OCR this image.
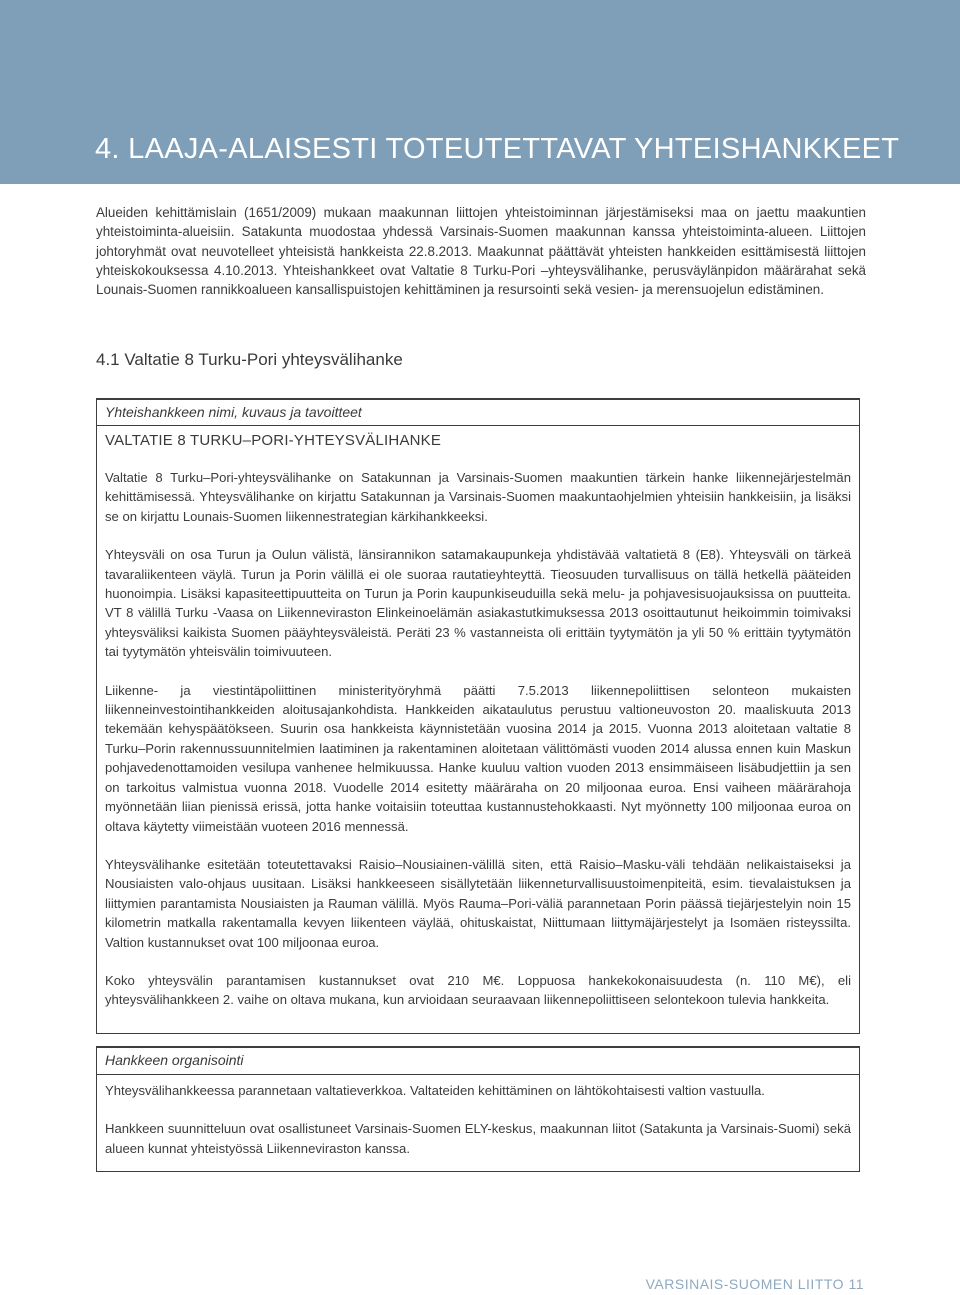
4. LAAJA-ALAISESTI TOTEUTETTAVAT YHTEISHANKKEET

Alueiden kehittämislain (1651/2009) mukaan maakunnan liittojen yhteistoiminnan järjestämiseksi maa on jaettu maakuntien yhteistoiminta-alueisiin. Satakunta muodostaa yhdessä Varsinais-Suomen maakunnan kanssa yhteistoiminta-alueen. Liittojen johtoryhmät ovat neuvotelleet yhteisistä hankkeista 22.8.2013. Maakunnat päättävät yhteisten hankkeiden esittämisestä liittojen yhteiskokouksessa 4.10.2013. Yhteishankkeet ovat Valtatie 8 Turku-Pori –yhteysvälihanke, perusväylänpidon määrärahat sekä Lounais-Suomen rannikkoalueen kansallispuistojen kehittäminen ja resursointi sekä vesien- ja merensuojelun edistäminen.

4.1 Valtatie 8 Turku-Pori yhteysvälihanke
Yhteishankkeen nimi, kuvaus ja tavoitteet
VALTATIE 8 TURKU–PORI-YHTEYSVÄLIHANKE

Valtatie 8 Turku–Pori-yhteysvälihanke on Satakunnan ja Varsinais-Suomen maakuntien tärkein hanke liikennejärjestelmän kehittämisessä. Yhteysvälihanke on kirjattu Satakunnan ja Varsinais-Suomen maakuntaohjelmien yhteisiin hankkeisiin, ja lisäksi se on kirjattu Lounais-Suomen liikennestrategian kärkihankkeeksi.

Yhteysväli on osa Turun ja Oulun välistä, länsirannikon satamakaupunkeja yhdistävää valtatietä 8 (E8). Yhteysväli on tärkeä tavaraliikenteen väylä. Turun ja Porin välillä ei ole suoraa rautatieyhteyttä. Tieosuuden turvallisuus on tällä hetkellä pääteiden huonoimpia. Lisäksi kapasiteettipuutteita on Turun ja Porin kaupunkiseuduilla sekä melu- ja pohjavesisuojauksissa on puutteita. VT 8 välillä Turku -Vaasa on Liikenneviraston Elinkeinoelämän asiakastutkimuksessa 2013 osoittautunut heikoimmin toimivaksi yhteysväliksi kaikista Suomen pääyhteysväleistä. Peräti 23 % vastanneista oli erittäin tyytymätön ja yli 50 % erittäin tyytymätön tai tyytymätön yhteisvälin toimivuuteen.

Liikenne- ja viestintäpoliittinen ministerityöryhmä päätti 7.5.2013 liikennepoliittisen selonteon mukaisten liikenneinvestointihankkeiden aloitusajankohdista. Hankkeiden aikataulutus perustuu valtioneuvoston 20. maaliskuuta 2013 tekemään kehyspäätökseen. Suurin osa hankkeista käynnistetään vuosina 2014 ja 2015. Vuonna 2013 aloitetaan valtatie 8 Turku–Porin rakennussuunnitelmien laatiminen ja rakentaminen aloitetaan välittömästi vuoden 2014 alussa ennen kuin Maskun pohjavedenottamoiden vesilupa vanhenee helmikuussa. Hanke kuuluu valtion vuoden 2013 ensimmäiseen lisäbudjettiin ja sen on tarkoitus valmistua vuonna 2018. Vuodelle 2014 esitetty määräraha on 20 miljoonaa euroa. Ensi vaiheen määrärahoja myönnetään liian pienissä erissä, jotta hanke voitaisiin toteuttaa kustannustehokkaasti. Nyt myönnetty 100 miljoonaa euroa on oltava käytetty viimeistään vuoteen 2016 mennessä.

Yhteysvälihanke esitetään toteutettavaksi Raisio–Nousiainen-välillä siten, että Raisio–Masku-väli tehdään nelikaistaiseksi ja Nousiaisten valo-ohjaus uusitaan. Lisäksi hankkeeseen sisällytetään liikenneturvallisuustoimenpiteitä, esim. tievalaistuksen ja liittymien parantamista Nousiaisten ja Rauman välillä. Myös Rauma–Pori-väliä parannetaan Porin päässä tiejärjestelyin noin 15 kilometrin matkalla rakentamalla kevyen liikenteen väylää, ohituskaistat, Niittumaan liittymäjärjestelyt ja Isomäen risteyssilta. Valtion kustannukset ovat 100 miljoonaa euroa.

Koko yhteysvälin parantamisen kustannukset ovat 210 M€. Loppuosa hankekokonaisuudesta (n. 110 M€), eli yhteysvälihankkeen 2. vaihe on oltava mukana, kun arvioidaan seuraavaan liikennepoliittiseen selontekoon tulevia hankkeita.

Hankkeen organisointi

Yhteysvälihankkeessa parannetaan valtatieverkkoa. Valtateiden kehittäminen on lähtökohtaisesti valtion vastuulla.

Hankkeen suunnitteluun ovat osallistuneet Varsinais-Suomen ELY-keskus, maakunnan liitot (Satakunta ja Varsinais-Suomi) sekä alueen kunnat yhteistyössä Liikenneviraston kanssa.

VARSINAIS-SUOMEN LIITTO 11
